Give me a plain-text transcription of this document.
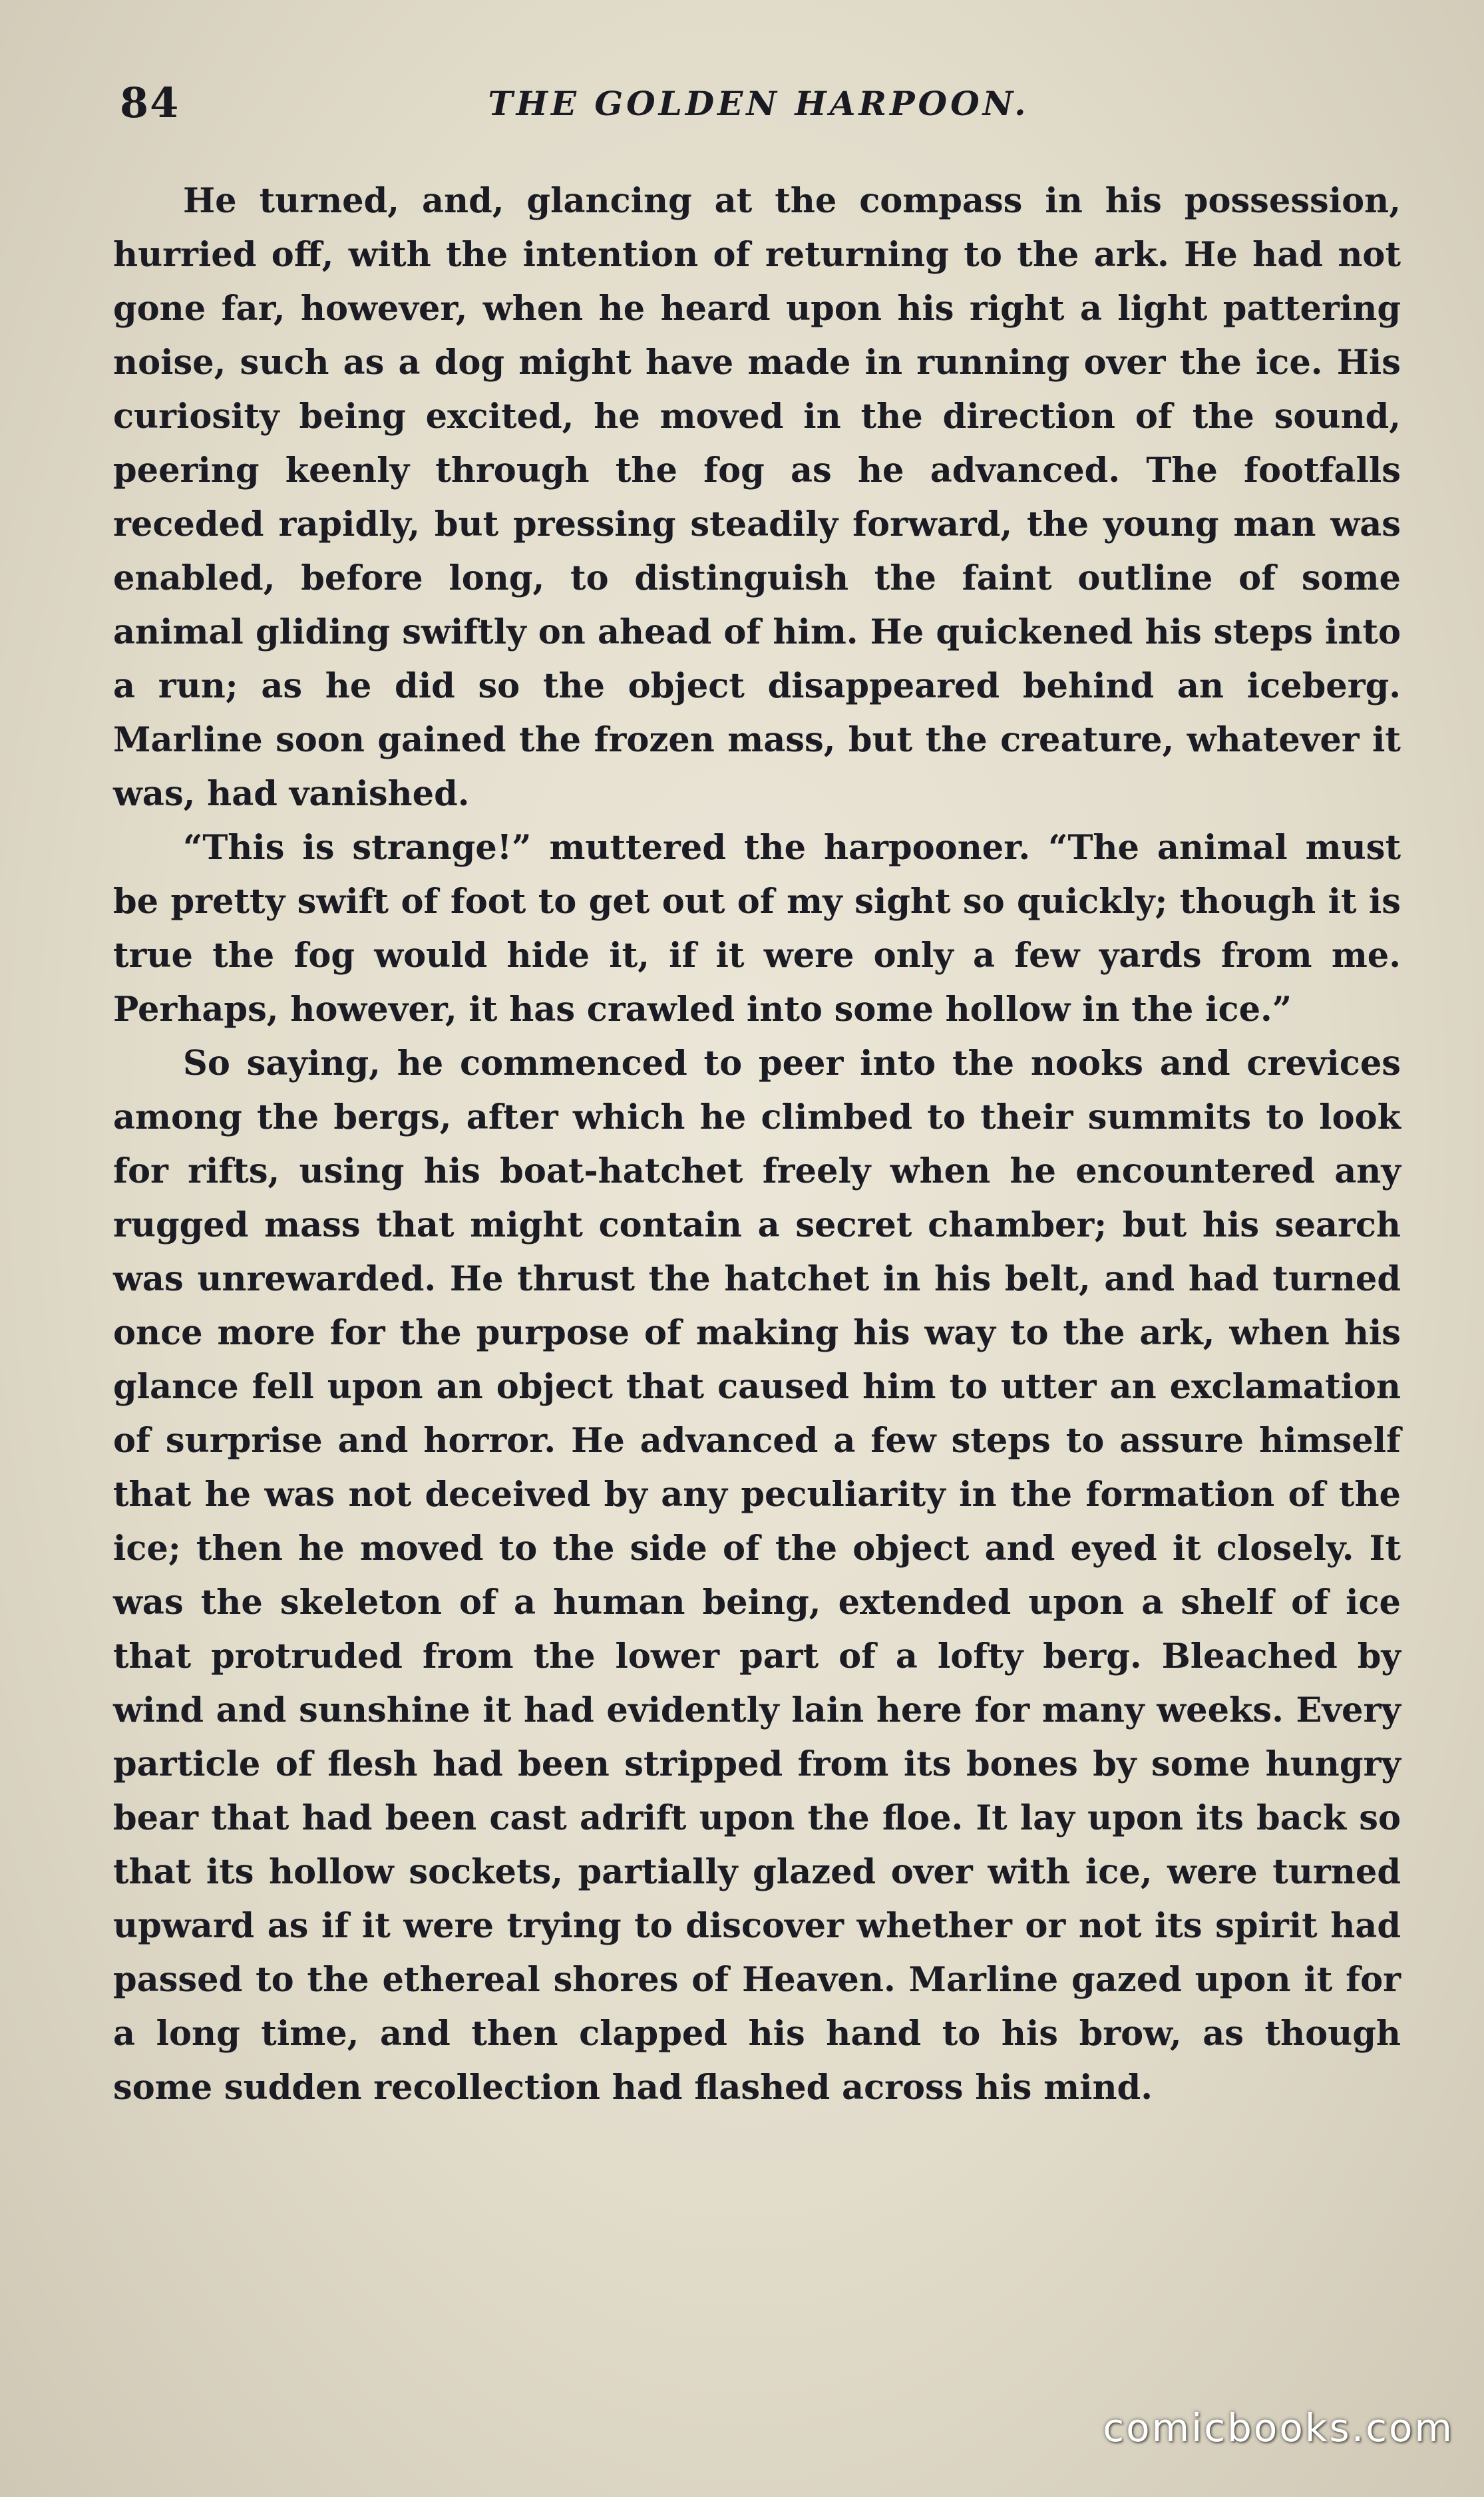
84	THE GOLDEN HARPOON.

He turned, and, glancing at the compass in his possession, hurried off, with the intention of returning to the ark. He had not gone far, however, when he heard upon his right a light pattering noise, such as a dog might have made in running over the ice. His curiosity being excited, he moved in the direction of the sound, peering keenly through the fog as he advanced. The footfalls receded rapidly, but pressing steadily forward, the young man was enabled, before long, to distinguish the faint outline of some animal gliding swiftly on ahead of him. He quickened his steps into a run; as he did so the object disappeared behind an iceberg. Marline soon gained the frozen mass, but the creature, whatever it was, had vanished.

“This is strange!” muttered the harpooner. “The animal must be pretty swift of foot to get out of my sight so quickly; though it is true the fog would hide it, if it were only a few yards from me. Perhaps, however, it has crawled into some hollow in the ice.”

So saying, he commenced to peer into the nooks and crevices among the bergs, after which he climbed to their summits to look for rifts, using his boat-hatchet freely when he encountered any rugged mass that might contain a secret chamber; but his search was unrewarded. He thrust the hatchet in his belt, and had turned once more for the purpose of making his way to the ark, when his glance fell upon an object that caused him to utter an exclamation of surprise and horror. He advanced a few steps to assure himself that he was not deceived by any peculiarity in the formation of the ice; then he moved to the side of the object and eyed it closely. It was the skeleton of a human being, extended upon a shelf of ice that protruded from the lower part of a lofty berg. Bleached by wind and sunshine it had evidently lain here for many weeks. Every particle of flesh had been stripped from its bones by some hungry bear that had been cast adrift upon the floe. It lay upon its back so that its hollow sockets, partially glazed over with ice, were turned upward as if it were trying to discover whether or not its spirit had passed to the ethereal shores of Heaven. Marline gazed upon it for a long time, and then clapped his hand to his brow, as though some sudden recollection had flashed across his mind.

comicbooks.com
